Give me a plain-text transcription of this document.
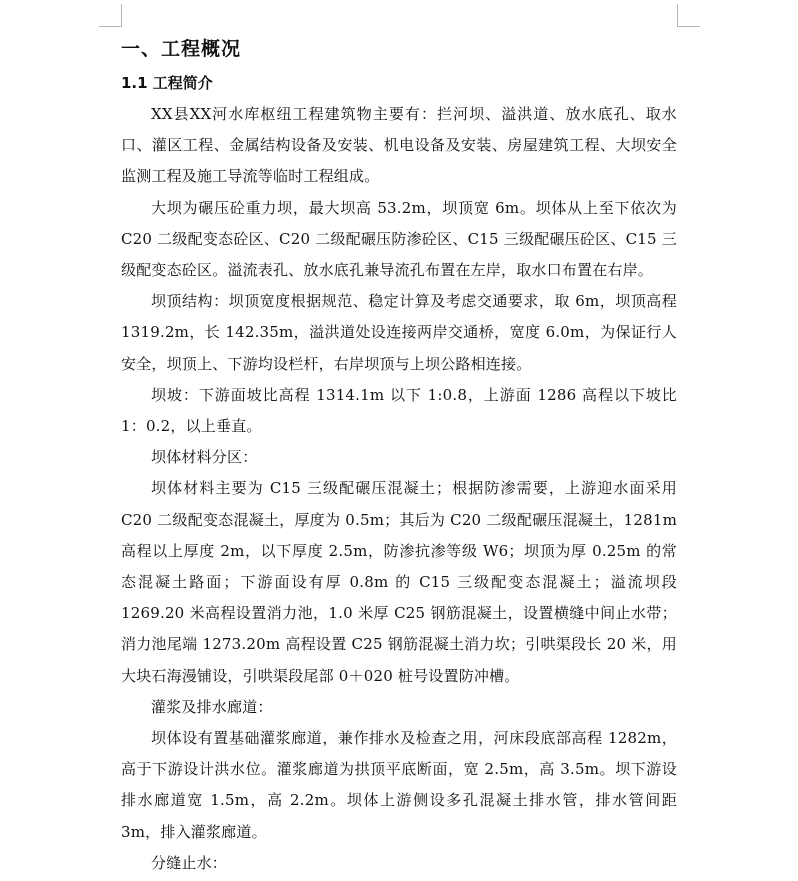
一、工程概况
1.1 工程简介

XX县XX河水库枢纽工程建筑物主要有：拦河坝、溢洪道、放水底孔、取水口、灌区工程、金属结构设备及安装、机电设备及安装、房屋建筑工程、大坝安全监测工程及施工导流等临时工程组成。

大坝为碾压砼重力坝，最大坝高 53.2m，坝顶宽 6m。坝体从上至下依次为 C20 二级配变态砼区、C20 二级配碾压防渗砼区、C15 三级配碾压砼区、C15 三级配变态砼区。溢流表孔、放水底孔兼导流孔布置在左岸，取水口布置在右岸。

坝顶结构：坝顶宽度根据规范、稳定计算及考虑交通要求，取 6m，坝顶高程 1319.2m，长 142.35m，溢洪道处设连接两岸交通桥，宽度 6.0m，为保证行人安全，坝顶上、下游均设栏杆，右岸坝顶与上坝公路相连接。

坝坡：下游面坡比高程 1314.1m 以下 1:0.8，上游面 1286 高程以下坡比 1：0.2，以上垂直。

坝体材料分区：

坝体材料主要为 C15 三级配碾压混凝土；根据防渗需要，上游迎水面采用 C20 二级配变态混凝土，厚度为 0.5m；其后为 C20 二级配碾压混凝土，1281m 高程以上厚度 2m，以下厚度 2.5m，防渗抗渗等级 W6；坝顶为厚 0.25m 的常态混凝土路面；下游面设有厚 0.8m 的 C15 三级配变态混凝土；溢流坝段 1269.20 米高程设置消力池，1.0 米厚 C25 钢筋混凝土，设置横缝中间止水带；消力池尾端 1273.20m 高程设置 C25 钢筋混凝土消力坎；引哄渠段长 20 米，用大块石海漫铺设，引哄渠段尾部 0＋020 桩号设置防冲槽。

灌浆及排水廊道：

坝体设有置基础灌浆廊道，兼作排水及检查之用，河床段底部高程 1282m，高于下游设计洪水位。灌浆廊道为拱顶平底断面，宽 2.5m，高 3.5m。坝下游设排水廊道宽 1.5m，高 2.2m。坝体上游侧设多孔混凝土排水管，排水管间距 3m，排入灌浆廊道。

分缝止水：
